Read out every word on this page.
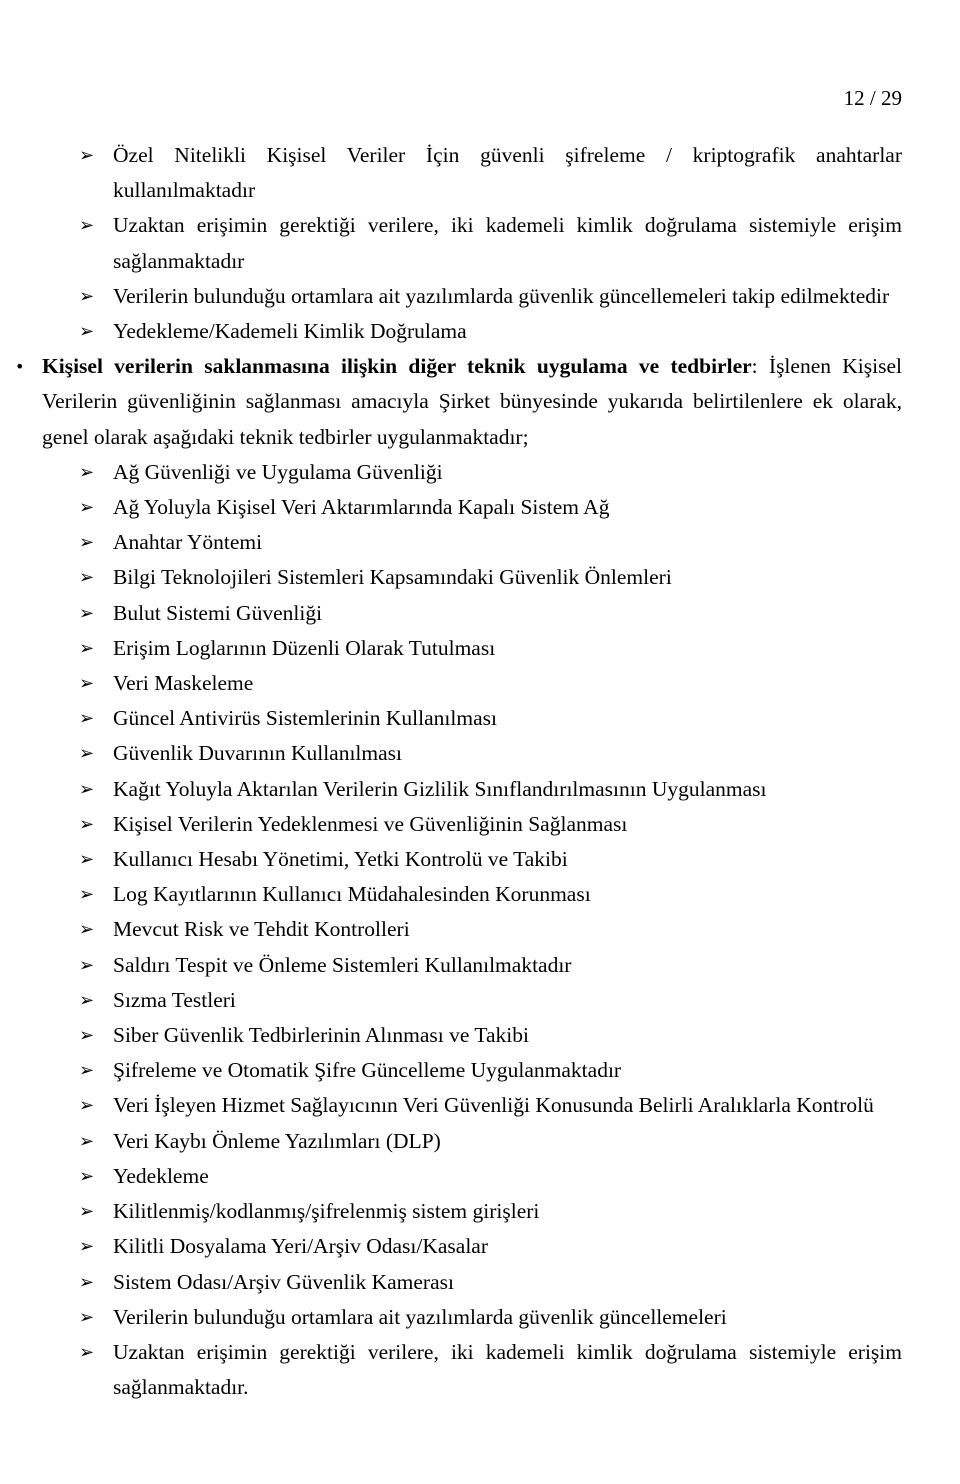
12 / 29
➢ Özel Nitelikli Kişisel Veriler İçin güvenli şifreleme / kriptografik anahtarlar kullanılmaktadır
➢ Uzaktan erişimin gerektiği verilere, iki kademeli kimlik doğrulama sistemiyle erişim sağlanmaktadır
➢ Verilerin bulunduğu ortamlara ait yazılımlarda güvenlik güncellemeleri takip edilmektedir
➢ Yedekleme/Kademeli Kimlik Doğrulama
• Kişisel verilerin saklanmasına ilişkin diğer teknik uygulama ve tedbirler: İşlenen Kişisel Verilerin güvenliğinin sağlanması amacıyla Şirket bünyesinde yukarıda belirtilenlere ek olarak, genel olarak aşağıdaki teknik tedbirler uygulanmaktadır;
➢ Ağ Güvenliği ve Uygulama Güvenliği
➢ Ağ Yoluyla Kişisel Veri Aktarımlarında Kapalı Sistem Ağ
➢ Anahtar Yöntemi
➢ Bilgi Teknolojileri Sistemleri Kapsamındaki Güvenlik Önlemleri
➢ Bulut Sistemi Güvenliği
➢ Erişim Loglarının Düzenli Olarak Tutulması
➢ Veri Maskeleme
➢ Güncel Antivirüs Sistemlerinin Kullanılması
➢ Güvenlik Duvarının Kullanılması
➢ Kağıt Yoluyla Aktarılan Verilerin Gizlilik Sınıflandırılmasının Uygulanması
➢ Kişisel Verilerin Yedeklenmesi ve Güvenliğinin Sağlanması
➢ Kullanıcı Hesabı Yönetimi, Yetki Kontrolü ve Takibi
➢ Log Kayıtlarının Kullanıcı Müdahalesinden Korunması
➢ Mevcut Risk ve Tehdit Kontrolleri
➢ Saldırı Tespit ve Önleme Sistemleri Kullanılmaktadır
➢ Sızma Testleri
➢ Siber Güvenlik Tedbirlerinin Alınması ve Takibi
➢ Şifreleme ve Otomatik Şifre Güncelleme Uygulanmaktadır
➢ Veri İşleyen Hizmet Sağlayıcının Veri Güvenliği Konusunda Belirli Aralıklarla Kontrolü
➢ Veri Kaybı Önleme Yazılımları (DLP)
➢ Yedekleme
➢ Kilitlenmiş/kodlanmış/şifrelenmiş sistem girişleri
➢ Kilitli Dosyalama Yeri/Arşiv Odası/Kasalar
➢ Sistem Odası/Arşiv Güvenlik Kamerası
➢ Verilerin bulunduğu ortamlara ait yazılımlarda güvenlik güncellemeleri
➢ Uzaktan erişimin gerektiği verilere, iki kademeli kimlik doğrulama sistemiyle erişim sağlanmaktadır.
